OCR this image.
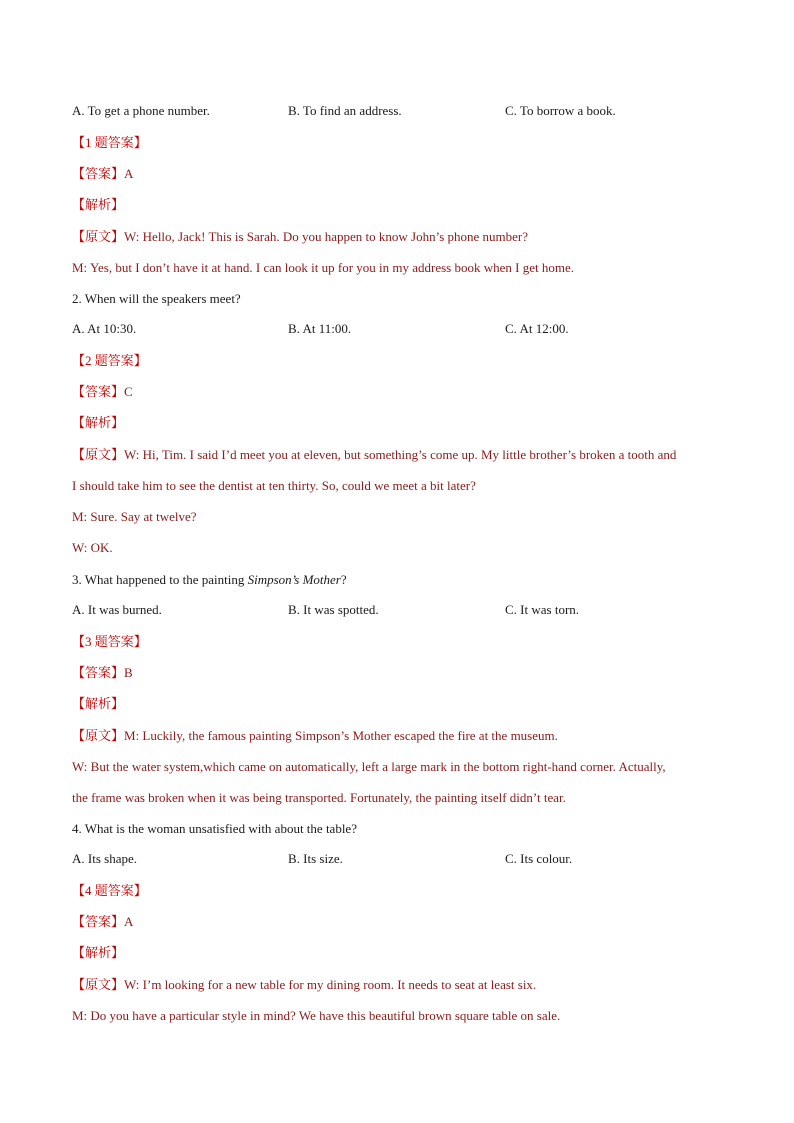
A. To get a phone number.	B. To find an address.	C. To borrow a book.
【1 题答案】
【答案】A
【解析】
【原文】W: Hello, Jack! This is Sarah. Do you happen to know John’s phone number?
M: Yes, but I don’t have it at hand. I can look it up for you in my address book when I get home.
2. When will the speakers meet?
A. At 10:30.	B. At 11:00.	C. At 12:00.
【2 题答案】
【答案】C
【解析】
【原文】W: Hi, Tim. I said I’d meet you at eleven, but something’s come up. My little brother’s broken a tooth and
I should take him to see the dentist at ten thirty. So, could we meet a bit later?
M: Sure. Say at twelve?
W: OK.
3. What happened to the painting Simpson’s Mother?
A. It was burned.	B. It was spotted.	C. It was torn.
【3 题答案】
【答案】B
【解析】
【原文】M: Luckily, the famous painting Simpson’s Mother escaped the fire at the museum.
W: But the water system,which came on automatically, left a large mark in the bottom right-hand corner. Actually,
the frame was broken when it was being transported. Fortunately, the painting itself didn’t tear.
4. What is the woman unsatisfied with about the table?
A. Its shape.	B. Its size.	C. Its colour.
【4 题答案】
【答案】A
【解析】
【原文】W: I’m looking for a new table for my dining room. It needs to seat at least six.
M: Do you have a particular style in mind? We have this beautiful brown square table on sale.
